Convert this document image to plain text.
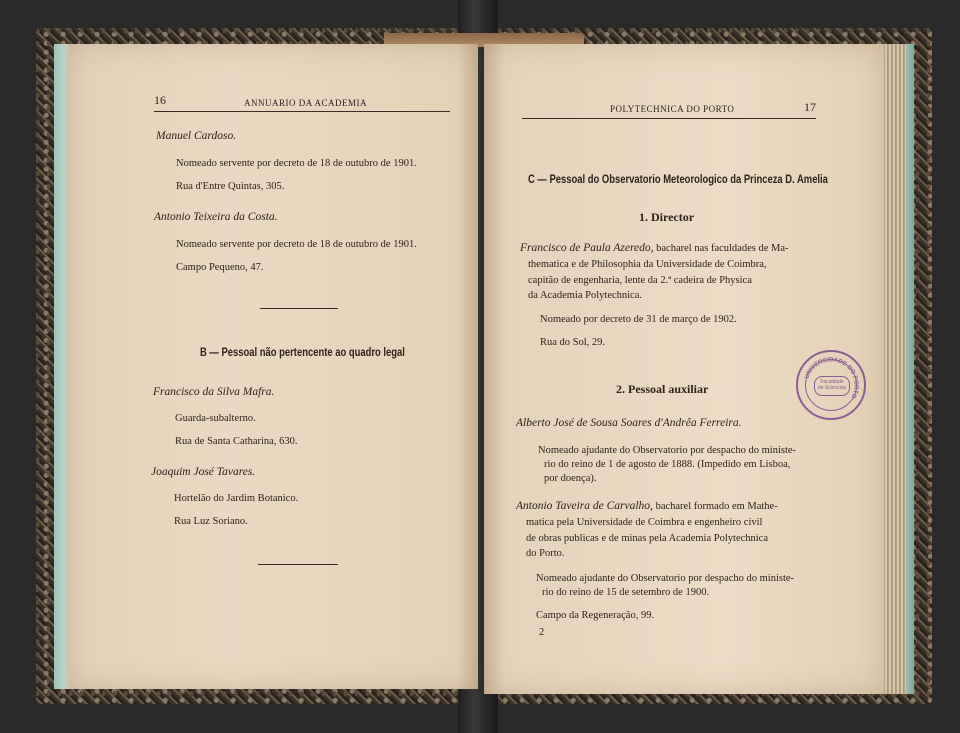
16	ANNUARIO DA ACADEMIA
Manuel Cardoso.
Nomeado servente por decreto de 18 de outubro de 1901.
Rua d'Entre Quintas, 305.
Antonio Teixeira da Costa.
Nomeado servente por decreto de 18 de outubro de 1901.
Campo Pequeno, 47.
B — Pessoal não pertencente ao quadro legal
Francisco da Silva Mafra.
Guarda-subalterno.
Rua de Santa Catharina, 630.
Joaquim José Tavares.
Hortelão do Jardim Botanico.
Rua Luz Soriano.
POLYTECHNICA DO PORTO	17
C — Pessoal do Observatorio Meteorologico da Princeza D. Amelia
1. Director
Francisco de Paula Azeredo, bacharel nas faculdades de Ma-
thematica e de Philosophia da Universidade de Coimbra,
capitão de engenharia, lente da 2.ª cadeira de Physica
da Academia Polytechnica.
Nomeado por decreto de 31 de março de 1902.
Rua do Sol, 29.
2. Pessoal auxiliar
Alberto José de Sousa Soares d'Andrêa Ferreira.
Nomeado ajudante do Observatorio por despacho do ministe-
rio do reino de 1 de agosto de 1888. (Impedido em Lisboa,
por doença).
Antonio Taveira de Carvalho, bacharel formado em Mathe-
matica pela Universidade de Coimbra e engenheiro civil
de obras publicas e de minas pela Academia Polytechnica
do Porto.
Nomeado ajudante do Observatorio por despacho do ministe-
rio do reino de 15 de setembro de 1900.
Campo da Regeneração, 99.
2
UNIVERSIDADE DO PORTO
Faculdade de Sciencias
